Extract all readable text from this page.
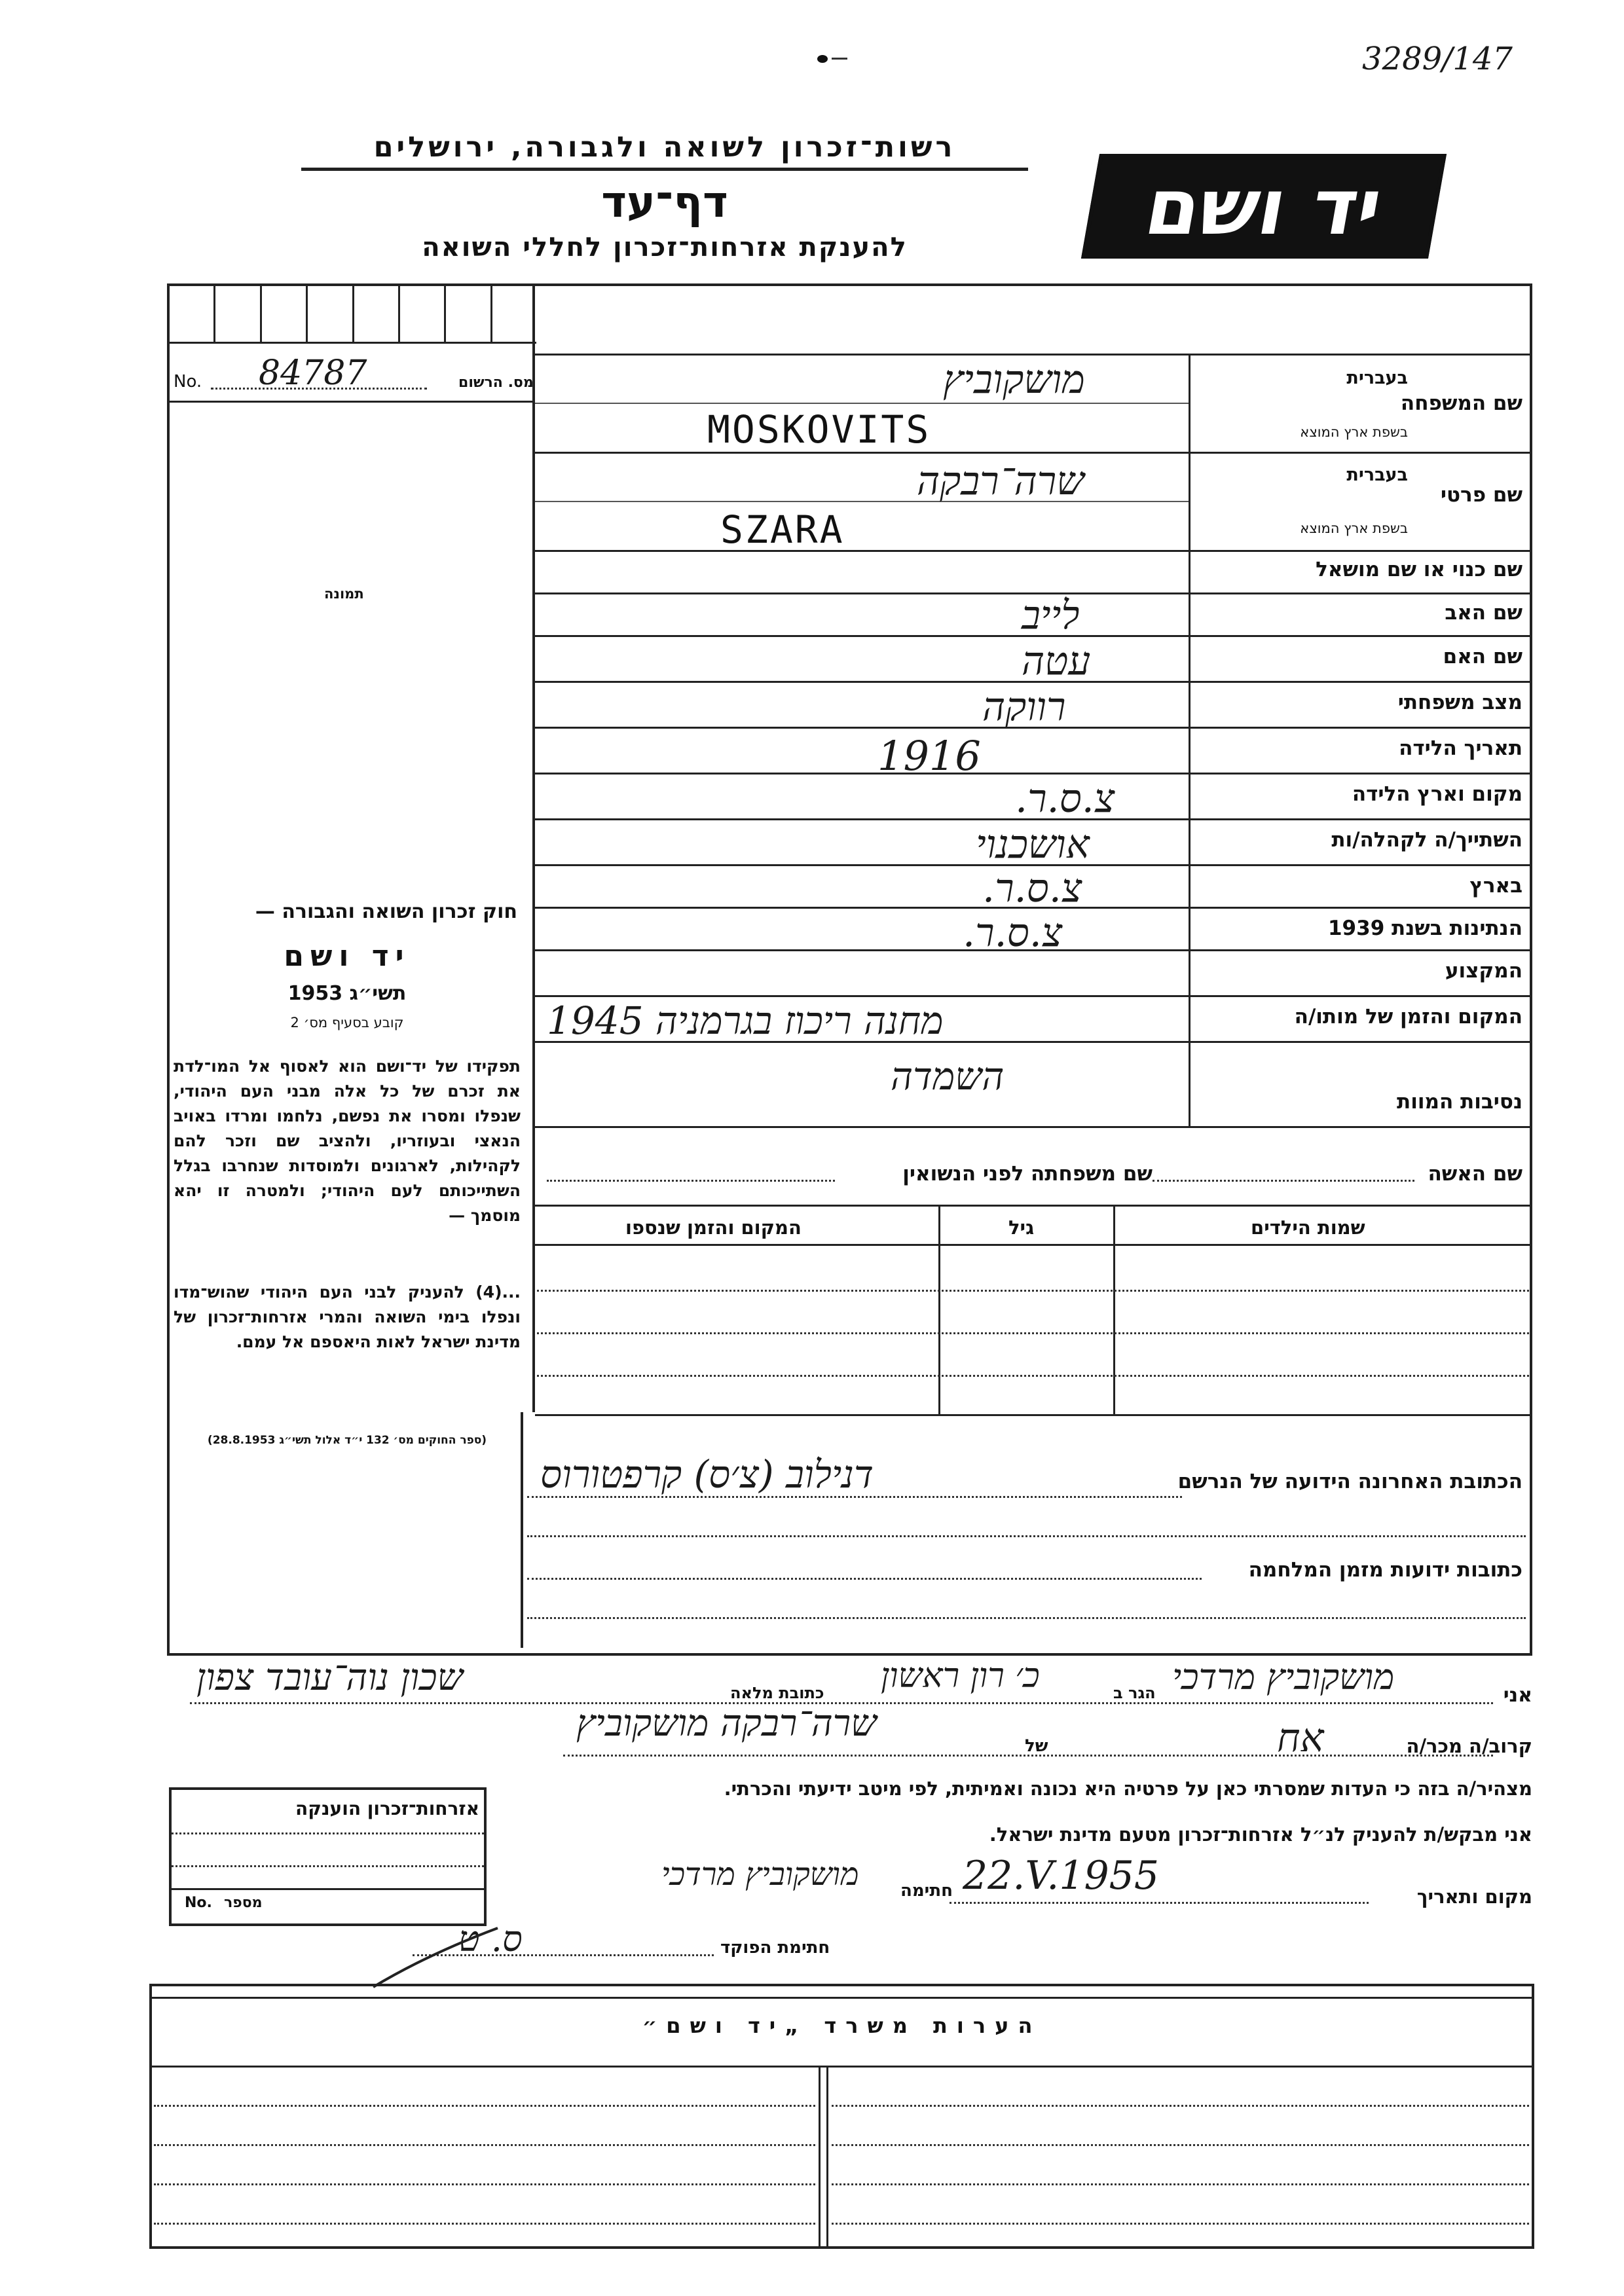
3289/147
רשות־זכרון לשואה ולגבורה, ירושלים
דף־עד
להענקת אזרחות־זכרון לחללי השואה	יד ושם
No. 84787	מס. הרשום
תמונה
שם המשפחה
בעברית
בשפת ארץ המוצא
מושקוביץ
MOSKOVITS
שם פרטי
בעברית
בשפת ארץ המוצא
שרה־רבקה
SZARA
שם כנוי או שם מושאל
שם האב
לייב
שם האם
עטה
מצב משפחתי
רווקה
תאריך הלידה
1916
מקום וארץ הלידה
צ.ס.ר.
השתייך/ה לקהלה/ות
אושכנוי
בארץ
צ.ס.ר.
הנתינות בשנת 1939
צ.ס.ר.
המקצוע
המקום והזמן של מותו/ה
מחנה ריכוז בגרמניה 1945
נסיבות המוות
השמדה
שם האשה
שם משפחתה לפני הנשואין
שמות הילדים
גיל
המקום והזמן שנספו
חוק זכרון השואה והגבורה —
יד ושם
תשי״ג 1953
קובע בסעיף מס׳ 2
תפקידו של יד־ושם הוא לאסוף אל המו־לדת את זכרם של כל אלה מבני העם היהודי, שנפלו ומסרו את נפשם, נלחמו ומרדו באויב הנאצי ובעוזריו, ולהציב שם וזכר להם לקהילות, לארגונים ולמוסדות שנחרבו בגלל השתייכותם לעם היהודי; ולמטרה זו יהא מוסמך —
...(4) להעניק לבני העם היהודי שהוש־מדו ונפלו בימי השואה והמרי אזרחות־זכרון של מדינת ישראל לאות היאספם אל עמם.
(ספר החוקים מס׳ 132 י״ד אלול תשי״ג 28.8.1953)
הכתובת האחרונה הידועה של הנרשם
דנילוב (צ׳ס) קרפטורוס
כתובות ידועות מזמן המלחמה
אני
מושקוביץ מרדכי
הגר ב
כ׳ רון ראשון
כתובת מלאה
שכון נוה־עובד צפון
קרוב/ה מכר/ה
אח
של
שרה־רבקה מושקוביץ
מצהיר/ה בזה כי העדות שמסרתי כאן על פרטיה היא נכונה ואמיתית, לפי מיטב ידיעתי והכרתי.
אני מבקש/ת להעניק לנ״ל אזרחות־זכרון מטעם מדינת ישראל.
מקום ותאריך
22.V.1955
חתימה
מושקוביץ מרדכי
חתימת הפוקד
ס. ט
אזרחות־זכרון הוענקה
No. מספר
הערות משרד „יד ושם״
